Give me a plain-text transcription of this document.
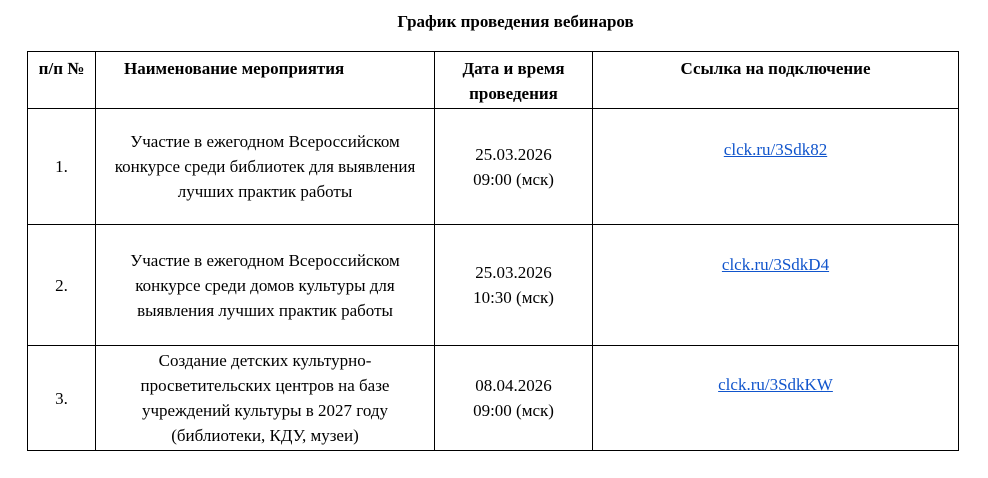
График проведения вебинаров
п/п №	Наименование мероприятия	Дата и время
проведения	Ссылка на подключение
1.	Участие в ежегодном Всероссийском конкурсе среди библиотек для выявления лучших практик работы	25.03.2026
09:00 (мск)	clck.ru/3Sdk82
2.	Участие в ежегодном Всероссийском конкурсе среди домов культуры для выявления лучших практик работы	25.03.2026
10:30 (мск)	clck.ru/3SdkD4
3.	Создание детских культурно-просветительских центров на базе учреждений культуры в 2027 году (библиотеки, КДУ, музеи)	08.04.2026
09:00 (мск)	clck.ru/3SdkKW
